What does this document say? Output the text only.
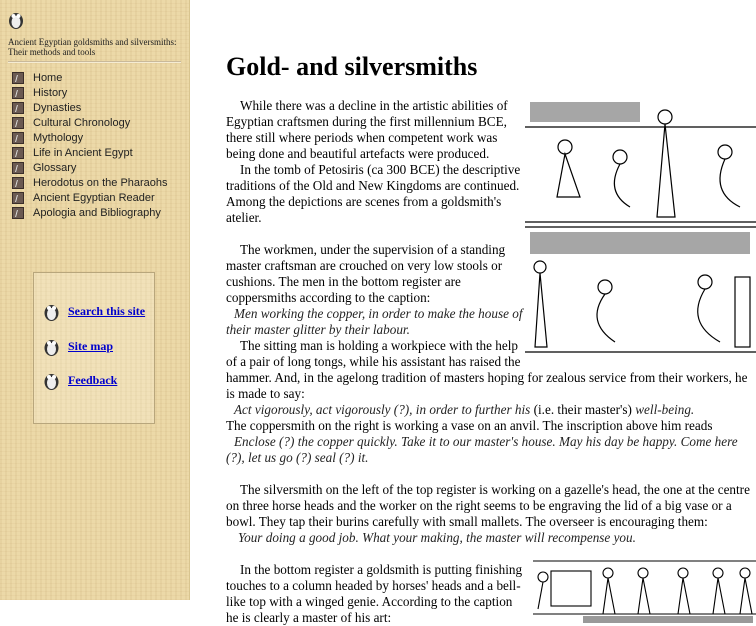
Ancient Egyptian goldsmiths and silversmiths: Their methods and tools
Home
History
Dynasties
Cultural Chronology
Mythology
Life in Ancient Egypt
Glossary
Herodotus on the Pharaohs
Ancient Egyptian Reader
Apologia and Bibliography
Search this site
Site map
Feedback
Gold- and silversmiths
While there was a decline in the artistic abilities of Egyptian craftsmen during the first millennium BCE, there still where periods when competent work was being done and beautiful artefacts were produced.
In the tomb of Petosiris (ca 300 BCE) the descriptive traditions of the Old and New Kingdoms are continued. Among the depictions are scenes from a goldsmith's atelier.
The workmen, under the supervision of a standing master craftsman are crouched on very low stools or cushions. The men in the bottom register are coppersmiths according to the caption:
Men working the copper, in order to make the house of their master glitter by their labour.
The sitting man is holding a workpiece with the help of a pair of long tongs, while his assistant has raised the hammer. And, in the agelong tradition of masters hoping for zealous service from their workers, he is made to say:
Act vigorously, act vigorously (?), in order to further his (i.e. their master's) well-being.
The coppersmith on the right is working a vase on an anvil. The inscription above him reads
Enclose (?) the copper quickly. Take it to our master's house. May his day be happy. Come here (?), let us go (?) seal (?) it.
The silversmith on the left of the top register is working on a gazelle's head, the one at the centre on three horse heads and the worker on the right seems to be engraving the lid of a big vase or a bowl. They tap their burins carefully with small mallets. The overseer is encouraging them:
Your doing a good job. What your making, the master will recompense you.
In the bottom register a goldsmith is putting finishing touches to a column headed by horses' heads and a bell-like top with a winged genie. According to the caption he is clearly a master of his art:
